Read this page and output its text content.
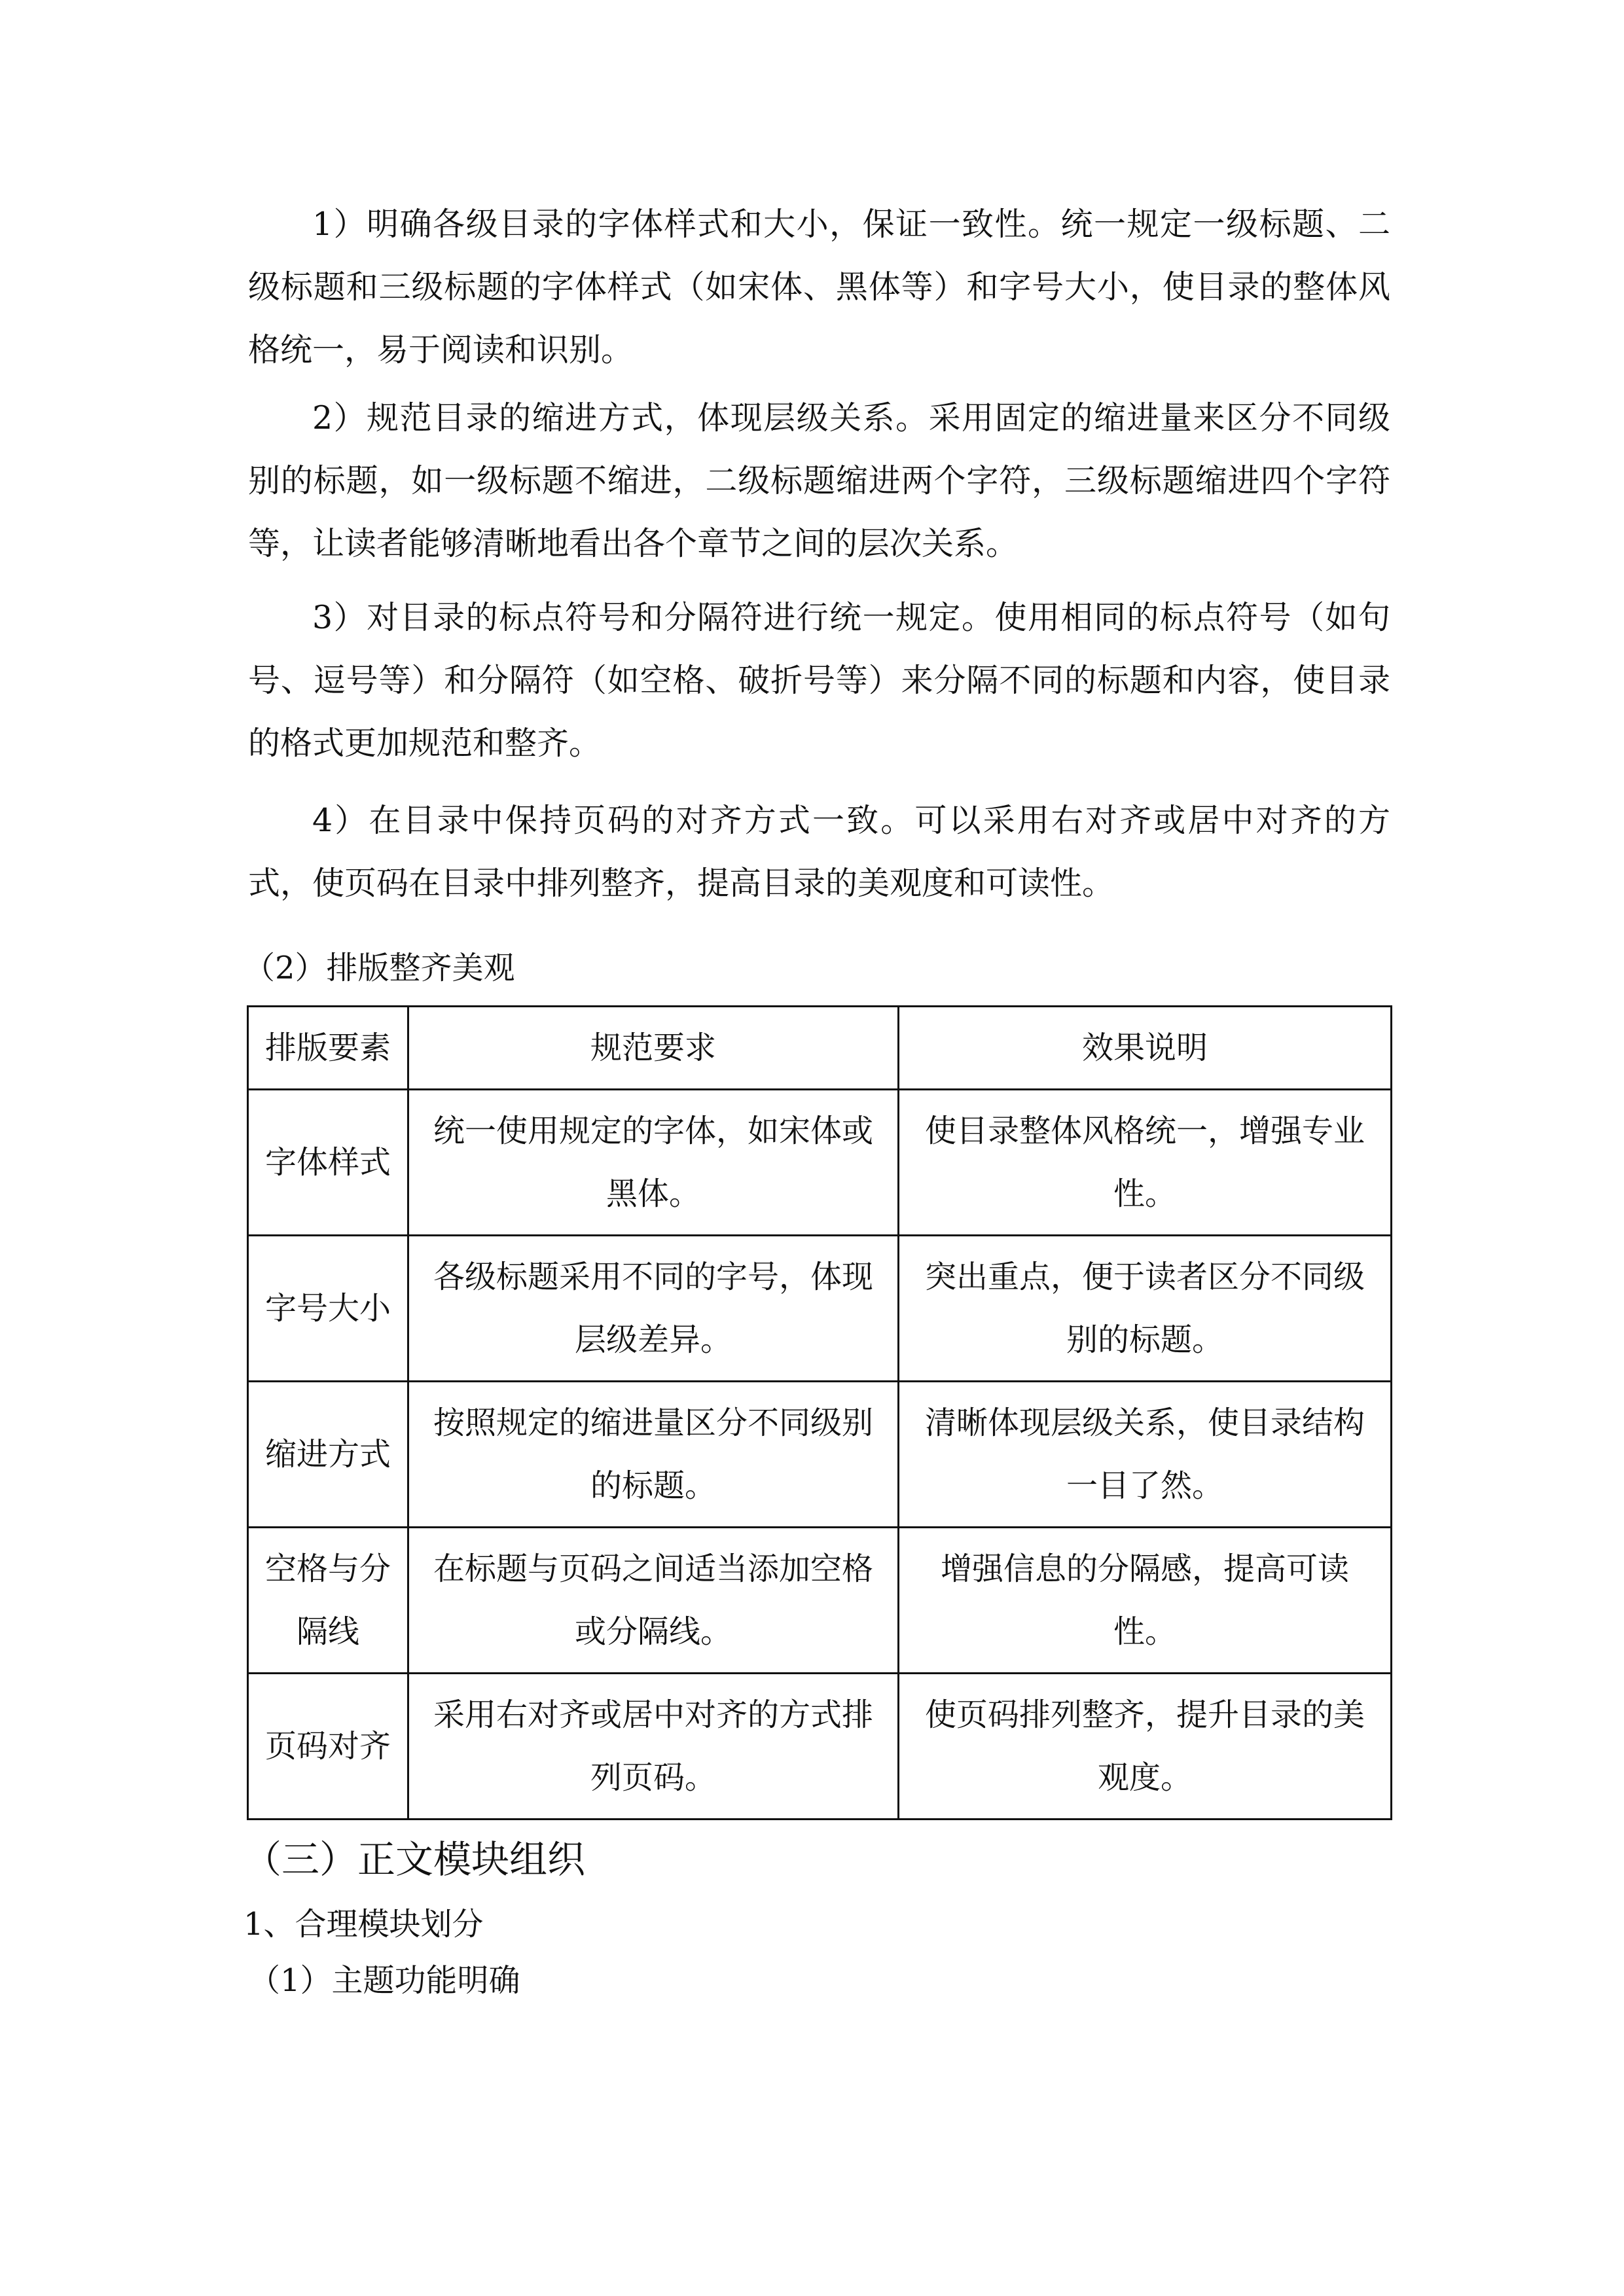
1）明确各级目录的字体样式和大小，保证一致性。统一规定一级标题、二级标题和三级标题的字体样式（如宋体、黑体等）和字号大小，使目录的整体风格统一，易于阅读和识别。

2）规范目录的缩进方式，体现层级关系。采用固定的缩进量来区分不同级别的标题，如一级标题不缩进，二级标题缩进两个字符，三级标题缩进四个字符等，让读者能够清晰地看出各个章节之间的层次关系。

3）对目录的标点符号和分隔符进行统一规定。使用相同的标点符号（如句号、逗号等）和分隔符（如空格、破折号等）来分隔不同的标题和内容，使目录的格式更加规范和整齐。

4）在目录中保持页码的对齐方式一致。可以采用右对齐或居中对齐的方式，使页码在目录中排列整齐，提高目录的美观度和可读性。

（2）排版整齐美观

排版要素	规范要求	效果说明
字体样式	统一使用规定的字体，如宋体或黑体。	使目录整体风格统一，增强专业性。
字号大小	各级标题采用不同的字号，体现层级差异。	突出重点，便于读者区分不同级别的标题。
缩进方式	按照规定的缩进量区分不同级别的标题。	清晰体现层级关系，使目录结构一目了然。
空格与分隔线	在标题与页码之间适当添加空格或分隔线。	增强信息的分隔感，提高可读性。
页码对齐	采用右对齐或居中对齐的方式排列页码。	使页码排列整齐，提升目录的美观度。

（三）正文模块组织

1、合理模块划分

（1）主题功能明确
